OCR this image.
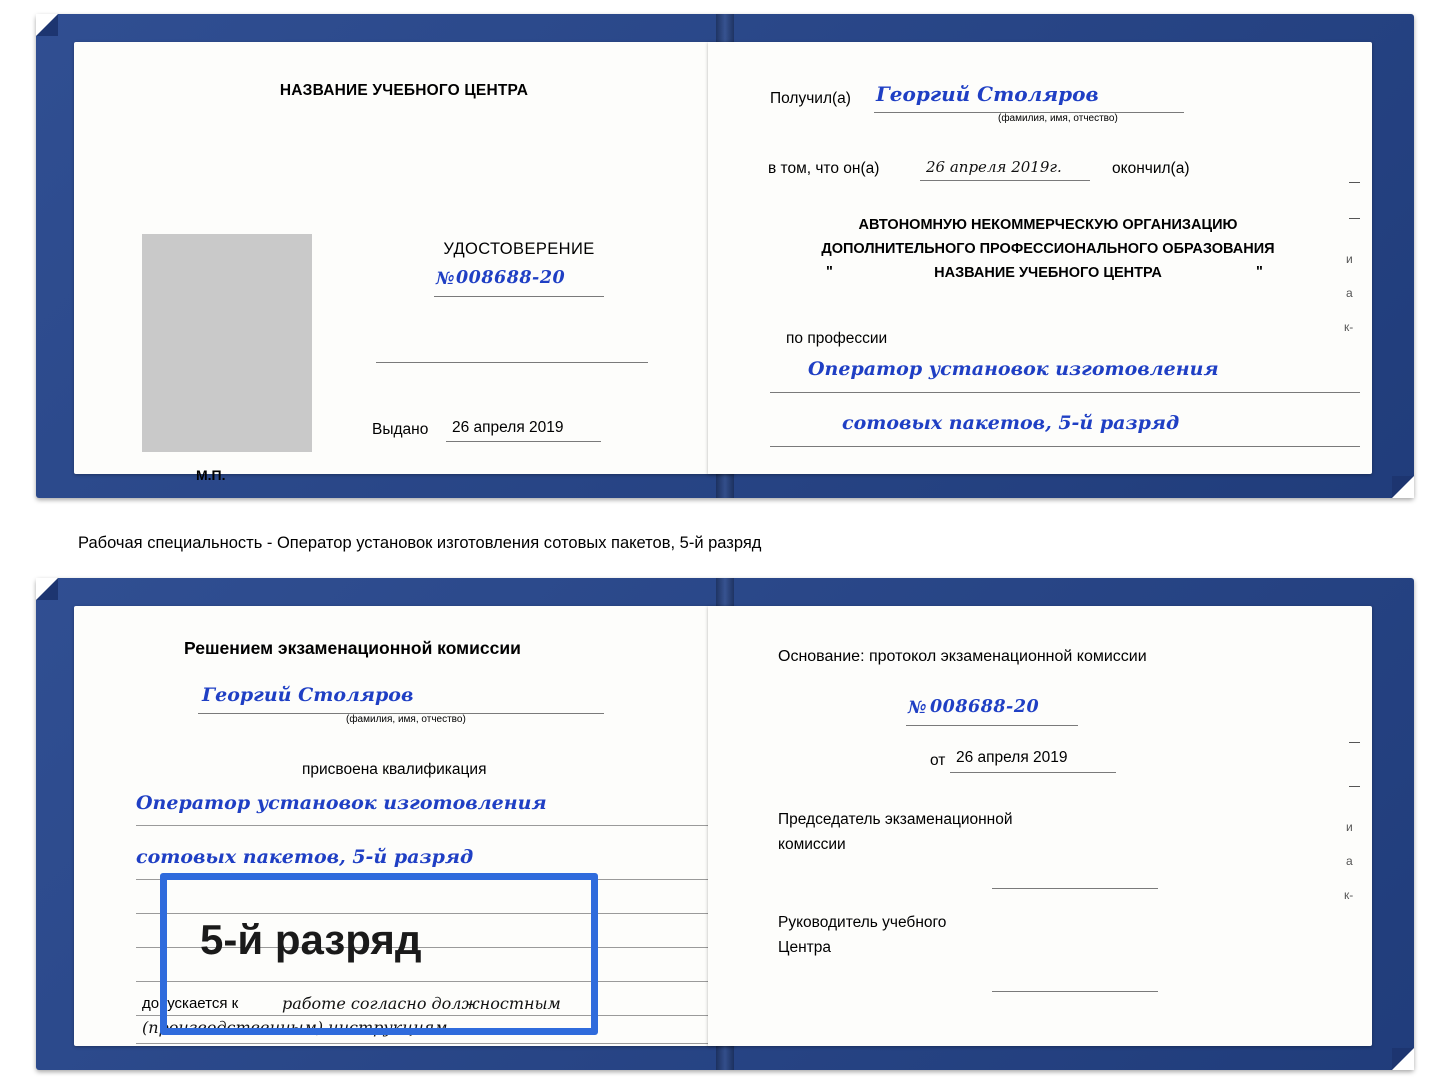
НАЗВАНИЕ УЧЕБНОГО ЦЕНТРА
УДОСТОВЕРЕНИЕ
№ 008688-20
Выдано 26 апреля 2019
М.П.
Получил(а) Георгий Столяров
(фамилия, имя, отчество)
в том, что он(а)	26 апреля 2019г.	окончил(а)
АВТОНОМНУЮ НЕКОММЕРЧЕСКУЮ ОРГАНИЗАЦИЮ
ДОПОЛНИТЕЛЬНОГО ПРОФЕССИОНАЛЬНОГО ОБРАЗОВАНИЯ
"	НАЗВАНИЕ УЧЕБНОГО ЦЕНТРА	"
по профессии
Оператор установок изготовления
сотовых пакетов, 5-й разряд
и
а
к-
Рабочая специальность - Оператор установок изготовления сотовых пакетов, 5-й разряд
Решением экзаменационной комиссии
Георгий Столяров
(фамилия, имя, отчество)
присвоена квалификация
Оператор установок изготовления
сотовых пакетов, 5-й разряд
допускается к	работе согласно должностным
(производственным) инструкциям
Основание: протокол экзаменационной комиссии
№ 008688-20
от 26 апреля 2019
Председатель экзаменационной
комиссии
Руководитель учебного
Центра
и
а
к-
5-й разряд
